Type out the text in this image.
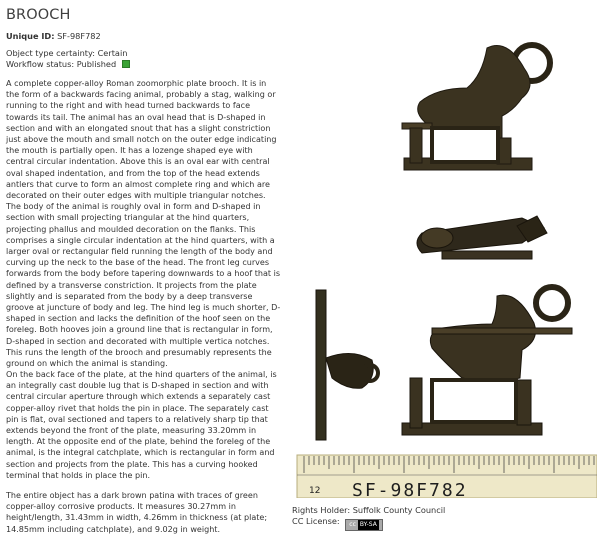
BROOCH
Unique ID: SF-98F782
Object type certainty: Certain
Workflow status: Published
A complete copper-alloy Roman zoomorphic plate brooch. It is in the form of a backwards facing animal, probably a stag, walking or running to the right and with head turned backwards to face towards its tail. The animal has an oval head that is D-shaped in section and with an elongated snout that has a slight constriction just above the mouth and small notch on the outer edge indicating the mouth is partially open. It has a lozenge shaped eye with central circular indentation. Above this is an oval ear with central oval shaped indentation, and from the top of the head extends antlers that curve to form an almost complete ring and which are decorated on their outer edges with multiple triangular notches. The body of the animal is roughly oval in form and D-shaped in section with small projecting triangular at the hind quarters, projecting phallus and moulded decoration on the flanks. This comprises a single circular indentation at the hind quarters, with a larger oval or rectangular field running the length of the body and curving up the neck to the base of the head. The front leg curves forwards from the body before tapering downwards to a hoof that is defined by a transverse constriction. It projects from the plate slightly and is separated from the body by a deep transverse groove at juncture of body and leg. The hind leg is much shorter, D-shaped in section and lacks the definition of the hoof seen on the foreleg. Both hooves join a ground line that is rectangular in form, D-shaped in section and decorated with multiple vertica notches. This runs the length of the brooch and presumably represents the ground on which the animal is standing.
On the back face of the plate, at the hind quarters of the animal, is an integrally cast double lug that is D-shaped in section and with central circular aperture through which extends a separately cast copper-alloy rivet that holds the pin in place. The separately cast pin is flat, oval sectioned and tapers to a relatively sharp tip that extends beyond the front of the plate, measuring 33.20mm in length. At the opposite end of the plate, behind the foreleg of the animal, is the integral catchplate, which is rectangular in form and section and projects from the plate. This has a curving hooked terminal that holds in place the pin.
The entire object has a dark brown patina with traces of green copper-alloy corrosive products. It measures 30.27mm in height/length, 31.43mm in width, 4.26mm in thickness (at plate; 14.85mm including catchplate), and 9.02g in weight.
12 SF-98F782
Rights Holder: Suffolk County Council
CC License: cc BY-SA
